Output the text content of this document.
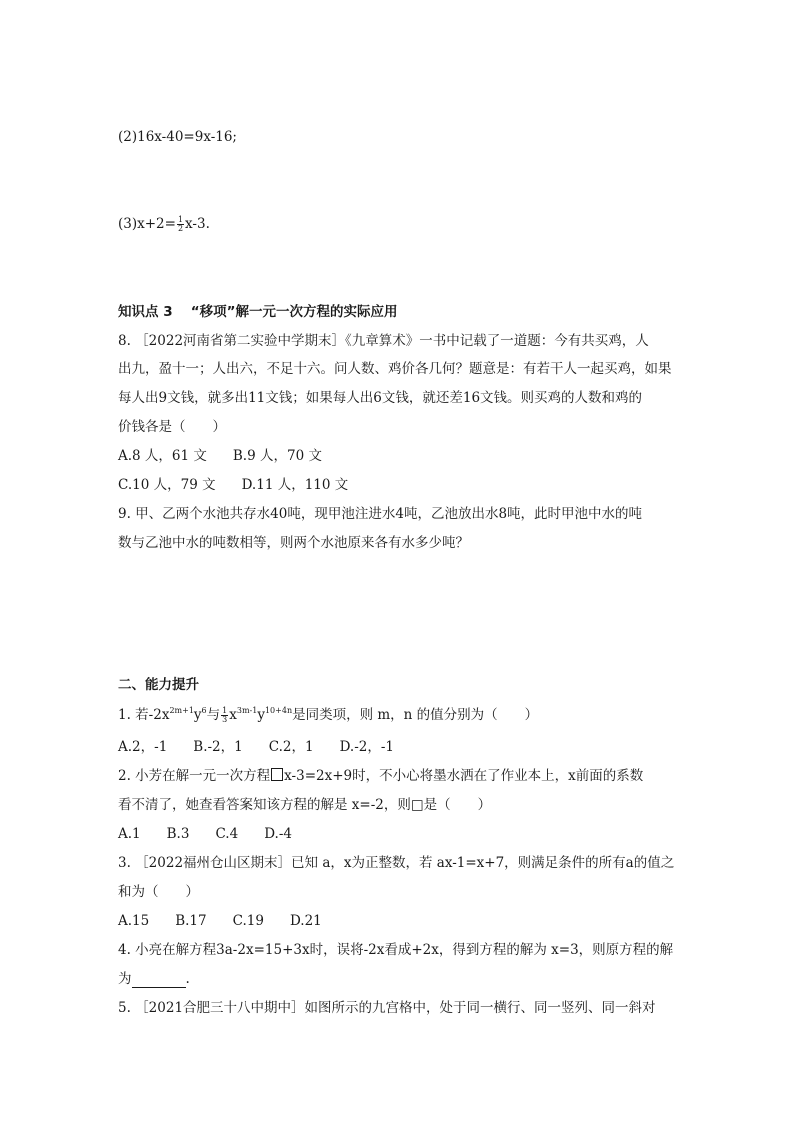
(2)16x-40=9x-16;
$(3)x+2= \frac{1}{2} x-3$.
知识点 3　 “移项”解一元一次方程的实际应用
8. ［2022河南省第二实验中学期末］《九章算术》一书中记载了一道题：今有共买鸡，人
出九，盈十一；人出六，不足十六。问人数、鸡价各几何？题意是：有若干人一起买鸡，如果
每人出9文钱，就多出11文钱；如果每人出6文钱，就还差16文钱。则买鸡的人数和鸡的
价钱各是（　　）
A.8 人，61 文 B.9 人，70 文
C.10 人，79 文 D.11 人，110 文
9. 甲、乙两个水池共存水40吨，现甲池注进水4吨，乙池放出水8吨，此时甲池中水的吨
数与乙池中水的吨数相等，则两个水池原来各有水多少吨？
二、能力提升
1. 若$-2x^{2m+1}y^6$与 $\frac{1}{3} x^{3m-1}y^{10+4n}$是同类项，则 m，n 的值分别为（　　）
A.2，-1 B.-2，1 C.2，1 D.-2，-1
2. 小芳在解一元一次方程 x-3=2x+9时，不小心将墨水洒在了作业本上，x前面的系数
看不清了，她查看答案知该方程的解是 x=-2，则□是（　　）
A.1 B.3 C.4 D.-4
3. ［2022福州仓山区期末］已知 a，x为正整数，若 ax-1=x+7，则满足条件的所有a的值之
和为（　　）
A.15 B.17 C.19 D.21
4. 小亮在解方程3a-2x=15+3x时，误将-2x看成+2x，得到方程的解为 x=3，则原方程的解
为	.
5. ［2021合肥三十八中期中］如图所示的九宫格中，处于同一横行、同一竖列、同一斜对
